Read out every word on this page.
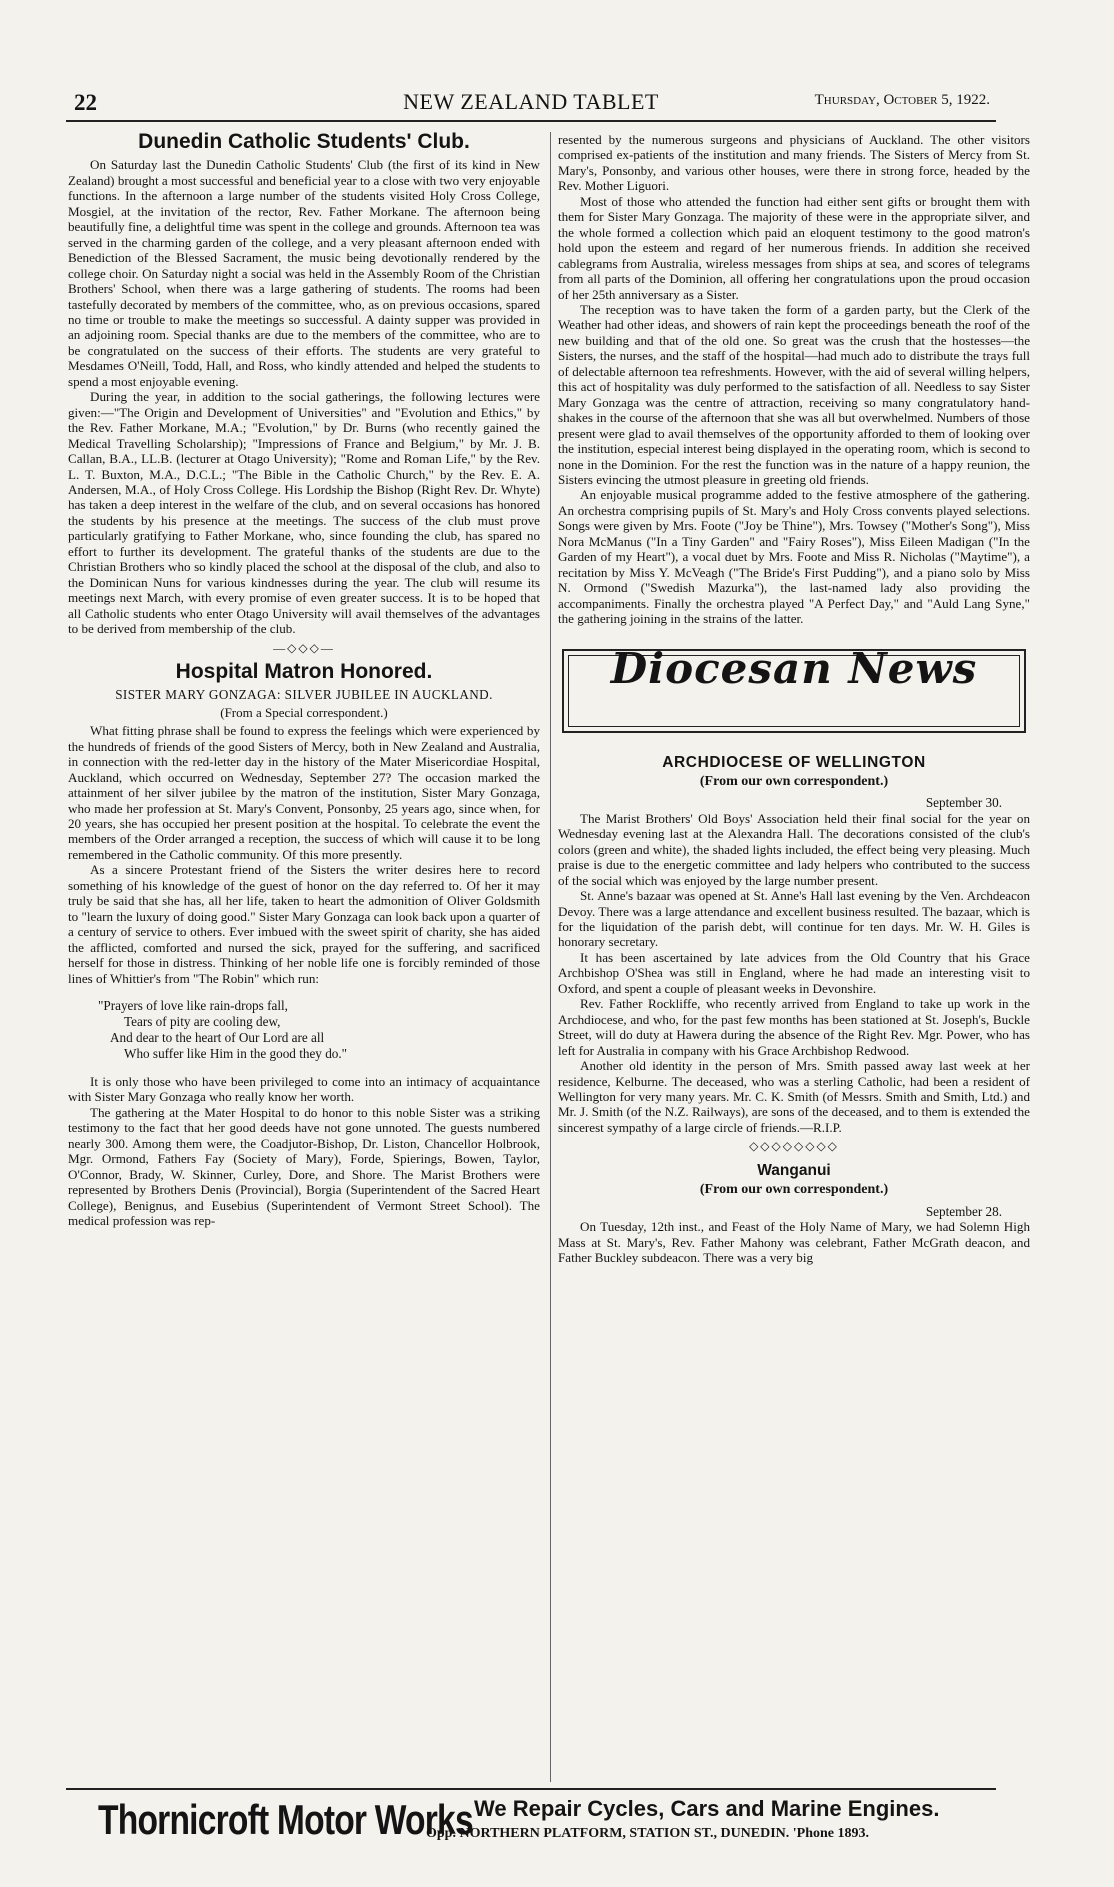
22	NEW ZEALAND TABLET	Thursday, October 5, 1922.
Dunedin Catholic Students' Club.

On Saturday last the Dunedin Catholic Students' Club (the first of its kind in New Zealand) brought a most successful and beneficial year to a close with two very enjoyable functions. In the afternoon a large number of the students visited Holy Cross College, Mosgiel, at the invitation of the rector, Rev. Father Morkane. The afternoon being beautifully fine, a delightful time was spent in the college and grounds. Afternoon tea was served in the charming garden of the college, and a very pleasant afternoon ended with Benediction of the Blessed Sacrament, the music being devotionally rendered by the college choir. On Saturday night a social was held in the Assembly Room of the Christian Brothers' School, when there was a large gathering of students. The rooms had been tastefully decorated by members of the committee, who, as on previous occasions, spared no time or trouble to make the meetings so successful. A dainty supper was provided in an adjoining room. Special thanks are due to the members of the committee, who are to be congratulated on the success of their efforts. The students are very grateful to Mesdames O'Neill, Todd, Hall, and Ross, who kindly attended and helped the students to spend a most enjoyable evening.

During the year, in addition to the social gatherings, the following lectures were given:—"The Origin and Development of Universities" and "Evolution and Ethics," by the Rev. Father Morkane, M.A.; "Evolution," by Dr. Burns (who recently gained the Medical Travelling Scholarship); "Impressions of France and Belgium," by Mr. J. B. Callan, B.A., LL.B. (lecturer at Otago University); "Rome and Roman Life," by the Rev. L. T. Buxton, M.A., D.C.L.; "The Bible in the Catholic Church," by the Rev. E. A. Andersen, M.A., of Holy Cross College. His Lordship the Bishop (Right Rev. Dr. Whyte) has taken a deep interest in the welfare of the club, and on several occasions has honored the students by his presence at the meetings. The success of the club must prove particularly gratifying to Father Morkane, who, since founding the club, has spared no effort to further its development. The grateful thanks of the students are due to the Christian Brothers who so kindly placed the school at the disposal of the club, and also to the Dominican Nuns for various kindnesses during the year. The club will resume its meetings next March, with every promise of even greater success. It is to be hoped that all Catholic students who enter Otago University will avail themselves of the advantages to be derived from membership of the club.

—◇◇◇—
Hospital Matron Honored.
SISTER MARY GONZAGA: SILVER JUBILEE IN AUCKLAND.
(From a Special correspondent.)

What fitting phrase shall be found to express the feelings which were experienced by the hundreds of friends of the good Sisters of Mercy, both in New Zealand and Australia, in connection with the red-letter day in the history of the Mater Misericordiae Hospital, Auckland, which occurred on Wednesday, September 27? The occasion marked the attainment of her silver jubilee by the matron of the institution, Sister Mary Gonzaga, who made her profession at St. Mary's Convent, Ponsonby, 25 years ago, since when, for 20 years, she has occupied her present position at the hospital. To celebrate the event the members of the Order arranged a reception, the success of which will cause it to be long remembered in the Catholic community. Of this more presently.

As a sincere Protestant friend of the Sisters the writer desires here to record something of his knowledge of the guest of honor on the day referred to. Of her it may truly be said that she has, all her life, taken to heart the admonition of Oliver Goldsmith to "learn the luxury of doing good." Sister Mary Gonzaga can look back upon a quarter of a century of service to others. Ever imbued with the sweet spirit of charity, she has aided the afflicted, comforted and nursed the sick, prayed for the suffering, and sacrificed herself for those in distress. Thinking of her noble life one is forcibly reminded of those lines of Whittier's from "The Robin" which run:

"Prayers of love like rain-drops fall,
Tears of pity are cooling dew,
And dear to the heart of Our Lord are all
Who suffer like Him in the good they do."

It is only those who have been privileged to come into an intimacy of acquaintance with Sister Mary Gonzaga who really know her worth.

The gathering at the Mater Hospital to do honor to this noble Sister was a striking testimony to the fact that her good deeds have not gone unnoted. The guests numbered nearly 300. Among them were, the Coadjutor-Bishop, Dr. Liston, Chancellor Holbrook, Mgr. Ormond, Fathers Fay (Society of Mary), Forde, Spierings, Bowen, Taylor, O'Connor, Brady, W. Skinner, Curley, Dore, and Shore. The Marist Brothers were represented by Brothers Denis (Provincial), Borgia (Superintendent of the Sacred Heart College), Benignus, and Eusebius (Superintendent of Vermont Street School). The medical profession was rep-

resented by the numerous surgeons and physicians of Auckland. The other visitors comprised ex-patients of the institution and many friends. The Sisters of Mercy from St. Mary's, Ponsonby, and various other houses, were there in strong force, headed by the Rev. Mother Liguori.

Most of those who attended the function had either sent gifts or brought them with them for Sister Mary Gonzaga. The majority of these were in the appropriate silver, and the whole formed a collection which paid an eloquent testimony to the good matron's hold upon the esteem and regard of her numerous friends. In addition she received cablegrams from Australia, wireless messages from ships at sea, and scores of telegrams from all parts of the Dominion, all offering her congratulations upon the proud occasion of her 25th anniversary as a Sister.

The reception was to have taken the form of a garden party, but the Clerk of the Weather had other ideas, and showers of rain kept the proceedings beneath the roof of the new building and that of the old one. So great was the crush that the hostesses—the Sisters, the nurses, and the staff of the hospital—had much ado to distribute the trays full of delectable afternoon tea refreshments. However, with the aid of several willing helpers, this act of hospitality was duly performed to the satisfaction of all. Needless to say Sister Mary Gonzaga was the centre of attraction, receiving so many congratulatory hand-shakes in the course of the afternoon that she was all but overwhelmed. Numbers of those present were glad to avail themselves of the opportunity afforded to them of looking over the institution, especial interest being displayed in the operating room, which is second to none in the Dominion. For the rest the function was in the nature of a happy reunion, the Sisters evincing the utmost pleasure in greeting old friends.

An enjoyable musical programme added to the festive atmosphere of the gathering. An orchestra comprising pupils of St. Mary's and Holy Cross convents played selections. Songs were given by Mrs. Foote ("Joy be Thine"), Mrs. Towsey ("Mother's Song"), Miss Nora McManus ("In a Tiny Garden" and "Fairy Roses"), Miss Eileen Madigan ("In the Garden of my Heart"), a vocal duet by Mrs. Foote and Miss R. Nicholas ("Maytime"), a recitation by Miss Y. McVeagh ("The Bride's First Pudding"), and a piano solo by Miss N. Ormond ("Swedish Mazurka"), the last-named lady also providing the accompaniments. Finally the orchestra played "A Perfect Day," and "Auld Lang Syne," the gathering joining in the strains of the latter.

Diocesan News
ARCHDIOCESE OF WELLINGTON
(From our own correspondent.)
September 30.

The Marist Brothers' Old Boys' Association held their final social for the year on Wednesday evening last at the Alexandra Hall. The decorations consisted of the club's colors (green and white), the shaded lights included, the effect being very pleasing. Much praise is due to the energetic committee and lady helpers who contributed to the success of the social which was enjoyed by the large number present.

St. Anne's bazaar was opened at St. Anne's Hall last evening by the Ven. Archdeacon Devoy. There was a large attendance and excellent business resulted. The bazaar, which is for the liquidation of the parish debt, will continue for ten days. Mr. W. H. Giles is honorary secretary.

It has been ascertained by late advices from the Old Country that his Grace Archbishop O'Shea was still in England, where he had made an interesting visit to Oxford, and spent a couple of pleasant weeks in Devonshire.

Rev. Father Rockliffe, who recently arrived from England to take up work in the Archdiocese, and who, for the past few months has been stationed at St. Joseph's, Buckle Street, will do duty at Hawera during the absence of the Right Rev. Mgr. Power, who has left for Australia in company with his Grace Archbishop Redwood.

Another old identity in the person of Mrs. Smith passed away last week at her residence, Kelburne. The deceased, who was a sterling Catholic, had been a resident of Wellington for very many years. Mr. C. K. Smith (of Messrs. Smith and Smith, Ltd.) and Mr. J. Smith (of the N.Z. Railways), are sons of the deceased, and to them is extended the sincerest sympathy of a large circle of friends.—R.I.P.

◇◇◇◇◇◇◇◇
Wanganui
(From our own correspondent.)
September 28.

On Tuesday, 12th inst., and Feast of the Holy Name of Mary, we had Solemn High Mass at St. Mary's, Rev. Father Mahony was celebrant, Father McGrath deacon, and Father Buckley subdeacon. There was a very big

Thornicroft Motor Works We Repair Cycles, Cars and Marine Engines.
Opp. NORTHERN PLATFORM, STATION ST., DUNEDIN. 'Phone 1893.
